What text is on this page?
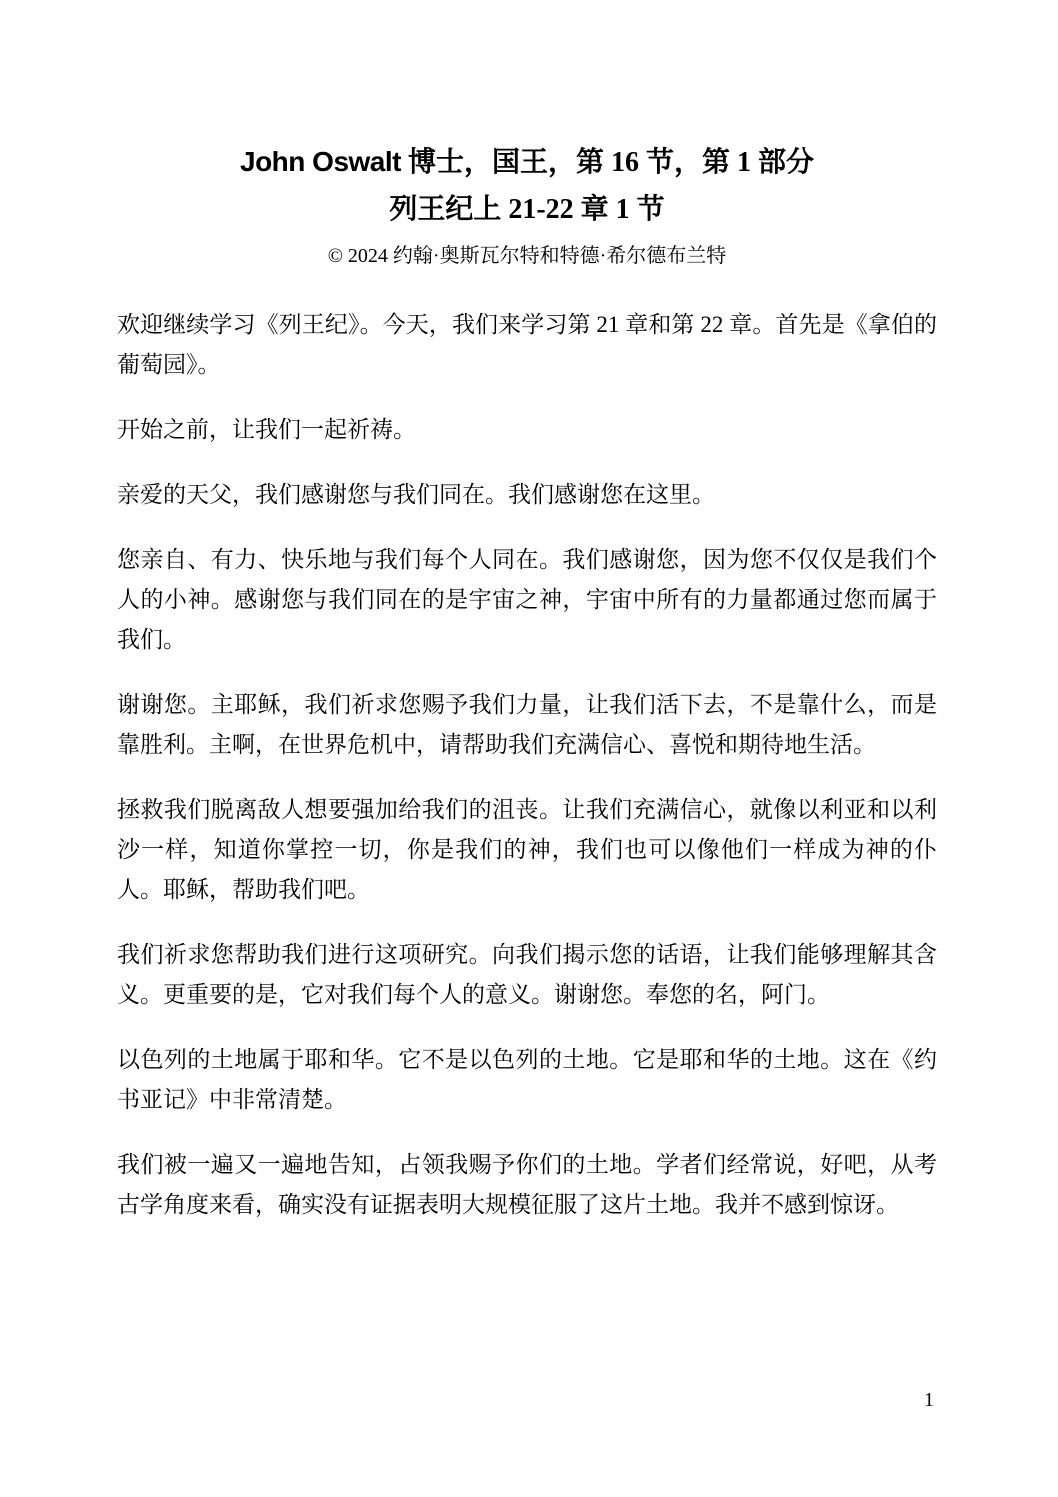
John Oswalt 博士，国王，第 16 节，第 1 部分
列王纪上 21-22 章 1 节
© 2024 约翰·奥斯瓦尔特和特德·希尔德布兰特

欢迎继续学习《列王纪》。今天，我们来学习第 21 章和第 22 章。首先是《拿伯的葡萄园》。

开始之前，让我们一起祈祷。

亲爱的天父，我们感谢您与我们同在。我们感谢您在这里。

您亲自、有力、快乐地与我们每个人同在。我们感谢您，因为您不仅仅是我们个人的小神。感谢您与我们同在的是宇宙之神，宇宙中所有的力量都通过您而属于我们。

谢谢您。主耶稣，我们祈求您赐予我们力量，让我们活下去，不是靠什么，而是靠胜利。主啊，在世界危机中，请帮助我们充满信心、喜悦和期待地生活。

拯救我们脱离敌人想要强加给我们的沮丧。让我们充满信心，就像以利亚和以利沙一样，知道你掌控一切，你是我们的神，我们也可以像他们一样成为神的仆人。耶稣，帮助我们吧。

我们祈求您帮助我们进行这项研究。向我们揭示您的话语，让我们能够理解其含义。更重要的是，它对我们每个人的意义。谢谢您。奉您的名，阿门。

以色列的土地属于耶和华。它不是以色列的土地。它是耶和华的土地。这在《约书亚记》中非常清楚。

我们被一遍又一遍地告知，占领我赐予你们的土地。学者们经常说，好吧，从考古学角度来看，确实没有证据表明大规模征服了这片土地。我并不感到惊讶。

1
